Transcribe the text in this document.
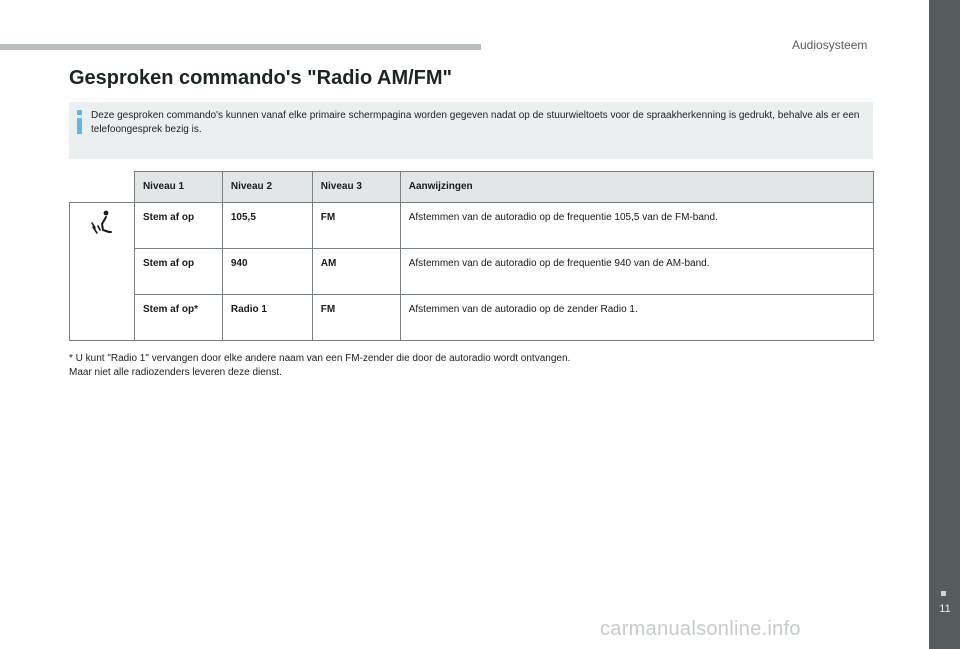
Audiosysteem
11
Gesproken commando's "Radio AM/FM"

Deze gesproken commando's kunnen vanaf elke primaire schermpagina worden gegeven nadat op de stuurwieltoets voor de spraakherkenning is gedrukt, behalve als er een telefoongesprek bezig is.

	Niveau 1	Niveau 2	Niveau 3	Aanwijzingen
	Stem af op	105,5	FM	Afstemmen van de autoradio op de frequentie 105,5 van de FM-band.
	Stem af op	940	AM	Afstemmen van de autoradio op de frequentie 940 van de AM-band.
	Stem af op*	Radio 1	FM	Afstemmen van de autoradio op de zender Radio 1.

* U kunt "Radio 1" vervangen door elke andere naam van een FM-zender die door de autoradio wordt ontvangen.
Maar niet alle radiozenders leveren deze dienst.

carmanualsonline.info
